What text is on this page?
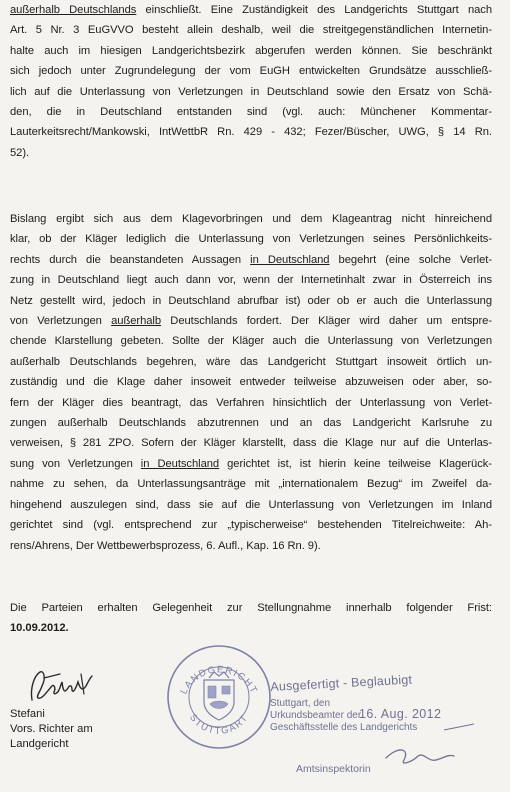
außerhalb Deutschlands einschließt. Eine Zuständigkeit des Landgerichts Stuttgart nach
Art. 5 Nr. 3 EuGVVO besteht allein deshalb, weil die streitgegenständlichen Internetin-
halte auch im hiesigen Landgerichtsbezirk abgerufen werden können. Sie beschränkt
sich jedoch unter Zugrundelegung der vom EuGH entwickelten Grundsätze ausschließ-
lich auf die Unterlassung von Verletzungen in Deutschland sowie den Ersatz von Schä-
den, die in Deutschland entstanden sind (vgl. auch: Münchener Kommentar-
Lauterkeitsrecht/Mankowski, IntWettbR Rn. 429 - 432; Fezer/Büscher, UWG, § 14 Rn.
52).
Bislang ergibt sich aus dem Klagevorbringen und dem Klageantrag nicht hinreichend
klar, ob der Kläger lediglich die Unterlassung von Verletzungen seines Persönlichkeits-
rechts durch die beanstandeten Aussagen in Deutschland begehrt (eine solche Verlet-
zung in Deutschland liegt auch dann vor, wenn der Internetinhalt zwar in Österreich ins
Netz gestellt wird, jedoch in Deutschland abrufbar ist) oder ob er auch die Unterlassung
von Verletzungen außerhalb Deutschlands fordert. Der Kläger wird daher um entspre-
chende Klarstellung gebeten. Sollte der Kläger auch die Unterlassung von Verletzungen
außerhalb Deutschlands begehren, wäre das Landgericht Stuttgart insoweit örtlich un-
zuständig und die Klage daher insoweit entweder teilweise abzuweisen oder aber, so-
fern der Kläger dies beantragt, das Verfahren hinsichtlich der Unterlassung von Verlet-
zungen außerhalb Deutschlands abzutrennen und an das Landgericht Karlsruhe zu
verweisen, § 281 ZPO. Sofern der Kläger klarstellt, dass die Klage nur auf die Unterlas-
sung von Verletzungen in Deutschland gerichtet ist, ist hierin keine teilweise Klagerück-
nahme zu sehen, da Unterlassungsanträge mit „internationalem Bezug“ im Zweifel da-
hingehend auszulegen sind, dass sie auf die Unterlassung von Verletzungen im Inland
gerichtet sind (vgl. entsprechend zur „typischerweise“ bestehenden Titelreichweite: Ah-
rens/Ahrens, Der Wettbewerbsprozess, 6. Aufl., Kap. 16 Rn. 9).
Die Parteien erhalten Gelegenheit zur Stellungnahme innerhalb folgender Frist:
10.09.2012.
Stefani
Vors. Richter am
Landgericht
LANDGERICHT
STUTTGART
Ausgefertigt - Beglaubigt
Stuttgart, den
Urkundsbeamter der
Geschäftsstelle des Landgerichts
16. Aug. 2012
Amtsinspektorin
